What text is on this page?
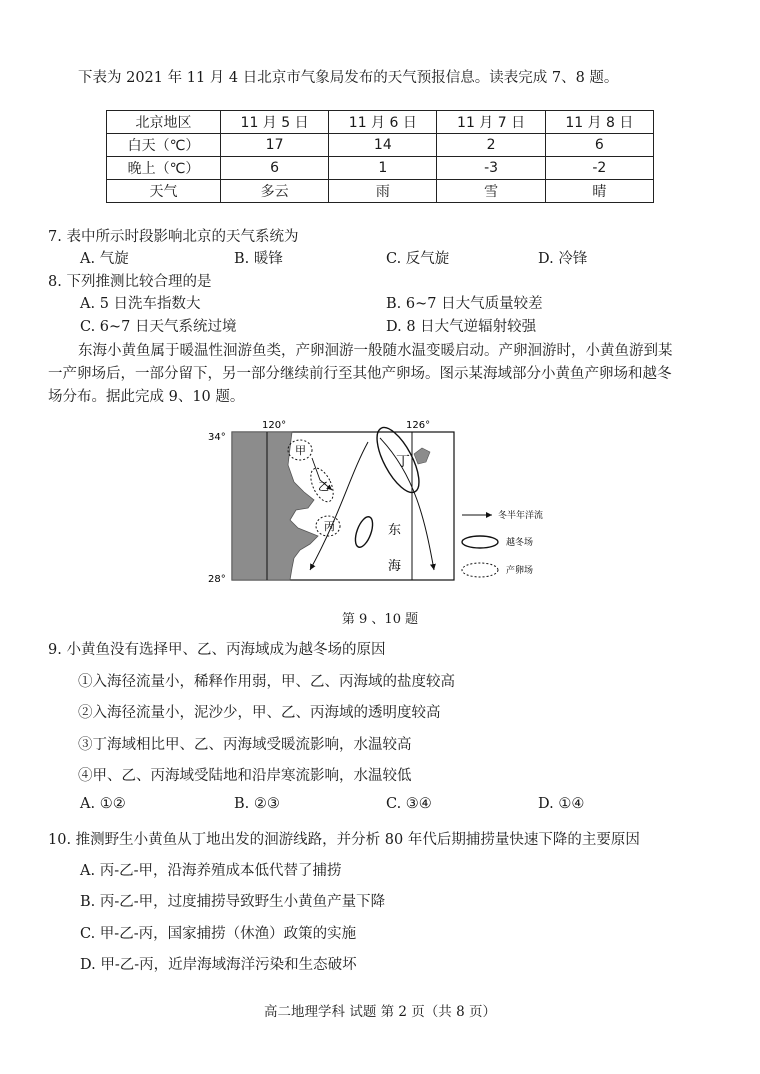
下表为 2021 年 11 月 4 日北京市气象局发布的天气预报信息。读表完成 7、8 题。

北京地区	11 月 5 日	11 月 6 日	11 月 7 日	11 月 8 日
白天（℃）	17	14	2	6
晚上（℃）	6	1	-3	-2
天气	多云	雨	雪	晴

7. 表中所示时段影响北京的天气系统为

A. 气旋	B. 暖锋	C. 反气旋	D. 冷锋

8. 下列推测比较合理的是

A. 5 日洗车指数大	B. 6~7 日大气质量较差
C. 6~7 日天气系统过境	D. 8 日大气逆辐射较强

东海小黄鱼属于暖温性洄游鱼类，产卵洄游一般随水温变暖启动。产卵洄游时，小黄鱼游到某

一产卵场后，一部分留下，另一部分继续前行至其他产卵场。图示某海域部分小黄鱼产卵场和越冬

场分布。据此完成 9、10 题。

34°
28°
120°	126°
甲
乙
丙
丁
东
海
冬半年洋流
越冬场
产卵场
第 9 、10 题

9. 小黄鱼没有选择甲、乙、丙海域成为越冬场的原因

①入海径流量小，稀释作用弱，甲、乙、丙海域的盐度较高

②入海径流量小，泥沙少，甲、乙、丙海域的透明度较高

③丁海域相比甲、乙、丙海域受暖流影响，水温较高

④甲、乙、丙海域受陆地和沿岸寒流影响，水温较低

A. ①②	B. ②③	C. ③④	D. ①④

10. 推测野生小黄鱼从丁地出发的洄游线路，并分析 80 年代后期捕捞量快速下降的主要原因

A. 丙-乙-甲，沿海养殖成本低代替了捕捞
B. 丙-乙-甲，过度捕捞导致野生小黄鱼产量下降
C. 甲-乙-丙，国家捕捞（休渔）政策的实施
D. 甲-乙-丙，近岸海域海洋污染和生态破坏
高二地理学科 试题 第 2 页（共 8 页）
